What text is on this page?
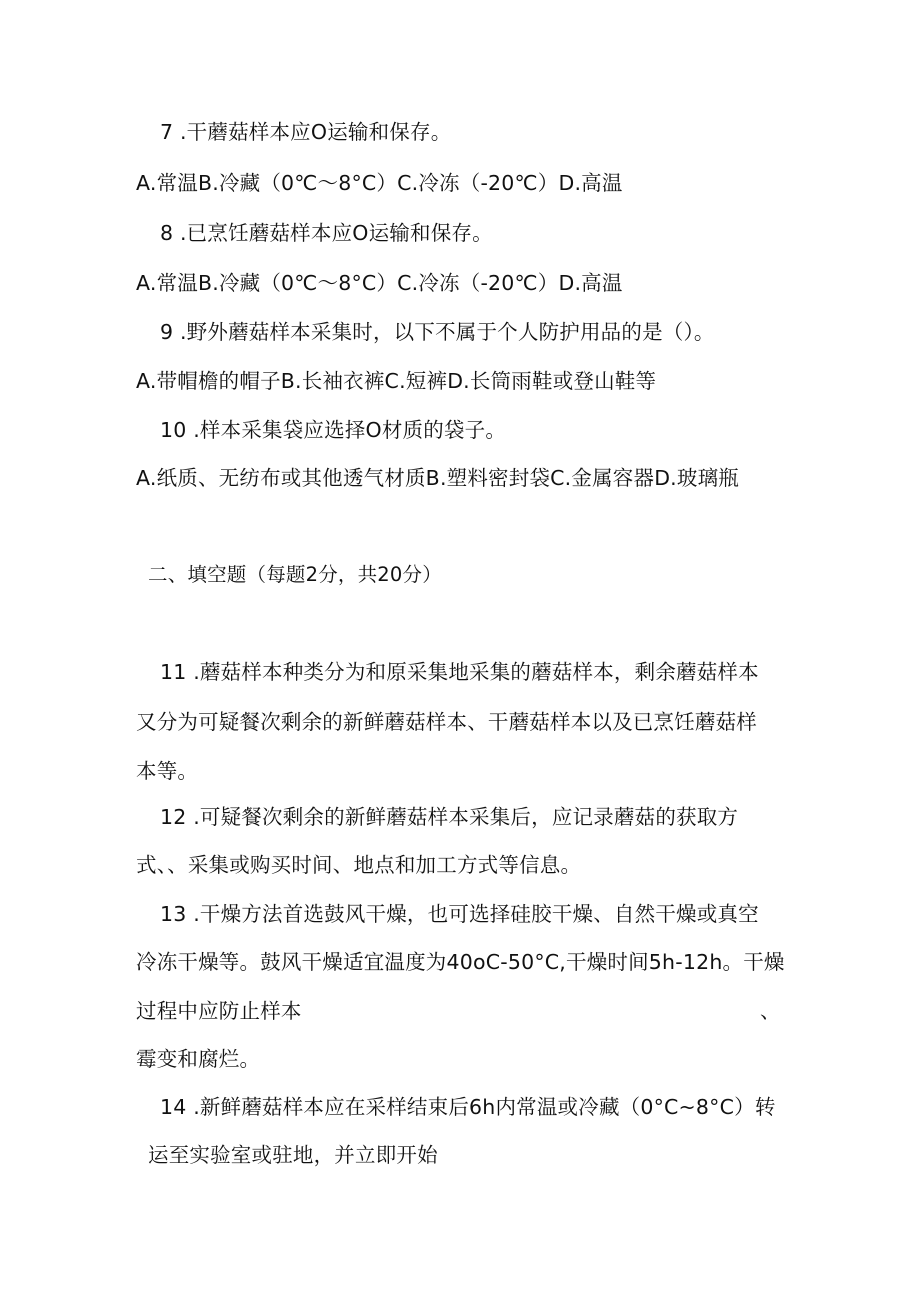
7 .干蘑菇样本应O运输和保存。
A.常温B.冷藏（0℃～8°C）C.冷冻（-20℃）D.高温
8 .已烹饪蘑菇样本应O运输和保存。
A.常温B.冷藏（0℃～8°C）C.冷冻（-20℃）D.高温
9 .野外蘑菇样本采集时，以下不属于个人防护用品的是（）。
A.带帽檐的帽子B.长袖衣裤C.短裤D.长筒雨鞋或登山鞋等
10 .样本采集袋应选择O材质的袋子。
A.纸质、无纺布或其他透气材质B.塑料密封袋C.金属容器D.玻璃瓶
二、填空题（每题2分，共20分）
11 .蘑菇样本种类分为和原采集地采集的蘑菇样本，剩余蘑菇样本
又分为可疑餐次剩余的新鲜蘑菇样本、干蘑菇样本以及已烹饪蘑菇样
本等。
12 .可疑餐次剩余的新鲜蘑菇样本采集后，应记录蘑菇的获取方
式、、采集或购买时间、地点和加工方式等信息。
13 .干燥方法首选鼓风干燥，也可选择硅胶干燥、自然干燥或真空
冷冻干燥等。鼓风干燥适宜温度为40oC-50°C,干燥时间5h-12h。干燥
过程中应防止样本	、
霉变和腐烂。
14 .新鲜蘑菇样本应在采样结束后6h内常温或冷藏（0°C~8°C）转
运至实验室或驻地，并立即开始
